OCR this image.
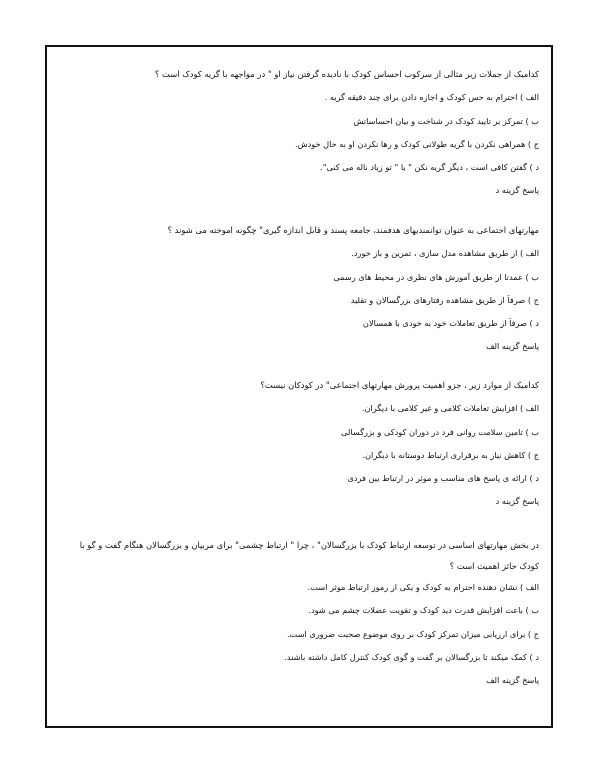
کدامیک از جملات زیر مثالی از سرکوب احساس کودک با نادیده گرفتن نیاز او " در مواجهه با گریه کودک است ؟
الف ) احترام به حس کودک و اجازه دادن برای چند دقیقه گریه .
ب ) تمرکز بر تایید کودک در شناخت و بیان احساساتش
ج ) همراهی نکردن با گریه طولانی کودک و رها نکردن او به حال خودش.
د ) گفتن کافی است ، دیگر گریه نکن " یا " تو زیاد ناله می کنی".
پاسخ گزینه د
مهارتهای اجتماعی به عنوان توانمندیهای هدفمند، جامعه پسند و قابل اندازه گیری" چگونه اموخته می شوند ؟
الف ) از طریق مشاهده مدل سازی ، تمرین و باز خورد.
ب ) عمدتا از طریق آموزش های نظری در محیط های رسمی
ج ) صرفاً از طریق مشاهده رفتارهای بزرگسالان و تقلید
د ) صرفاً از طریق تعاملات خود به خودی با همسالان
پاسخ گزینه الف
کدامیک از موارد زیر ، جزو اهمیت پرورش مهارتهای اجتماعی" در کودکان نیست؟
الف ) افزایش تعاملات کلامی و غیر کلامی با دیگران.
ب ) تامین سلامت روانی فرد در دوران کودکی و بزرگسالی
ج ) کاهش نیاز به برقراری ارتباط دوستانه با دیگران.
د ) ارائه ی پاسخ های مناسب و موثر در ارتباط بین فردی
پاسخ گزینه د
در بخش مهارتهای اساسی در توسعه ارتباط کودک با بزرگسالان" ، چرا " ارتباط چشمی" برای مربیان و بزرگسالان هنگام گفت و گو با کودک حائز اهمیت است ؟
الف ) نشان دهنده احترام به کودک و یکی از رموز ارتباط موثر است.
ب ) باعث افزایش قدرت دید کودک و تقویت عضلات چشم می شود.
ج ) برای ارزیابی میزان تمرکز کودک بر روی موضوع صحبت ضروری است.
د ) کمک میکند تا بزرگسالان بر گفت و گوی کودک کنترل کامل داشته باشند.
پاسخ گزینه الف
